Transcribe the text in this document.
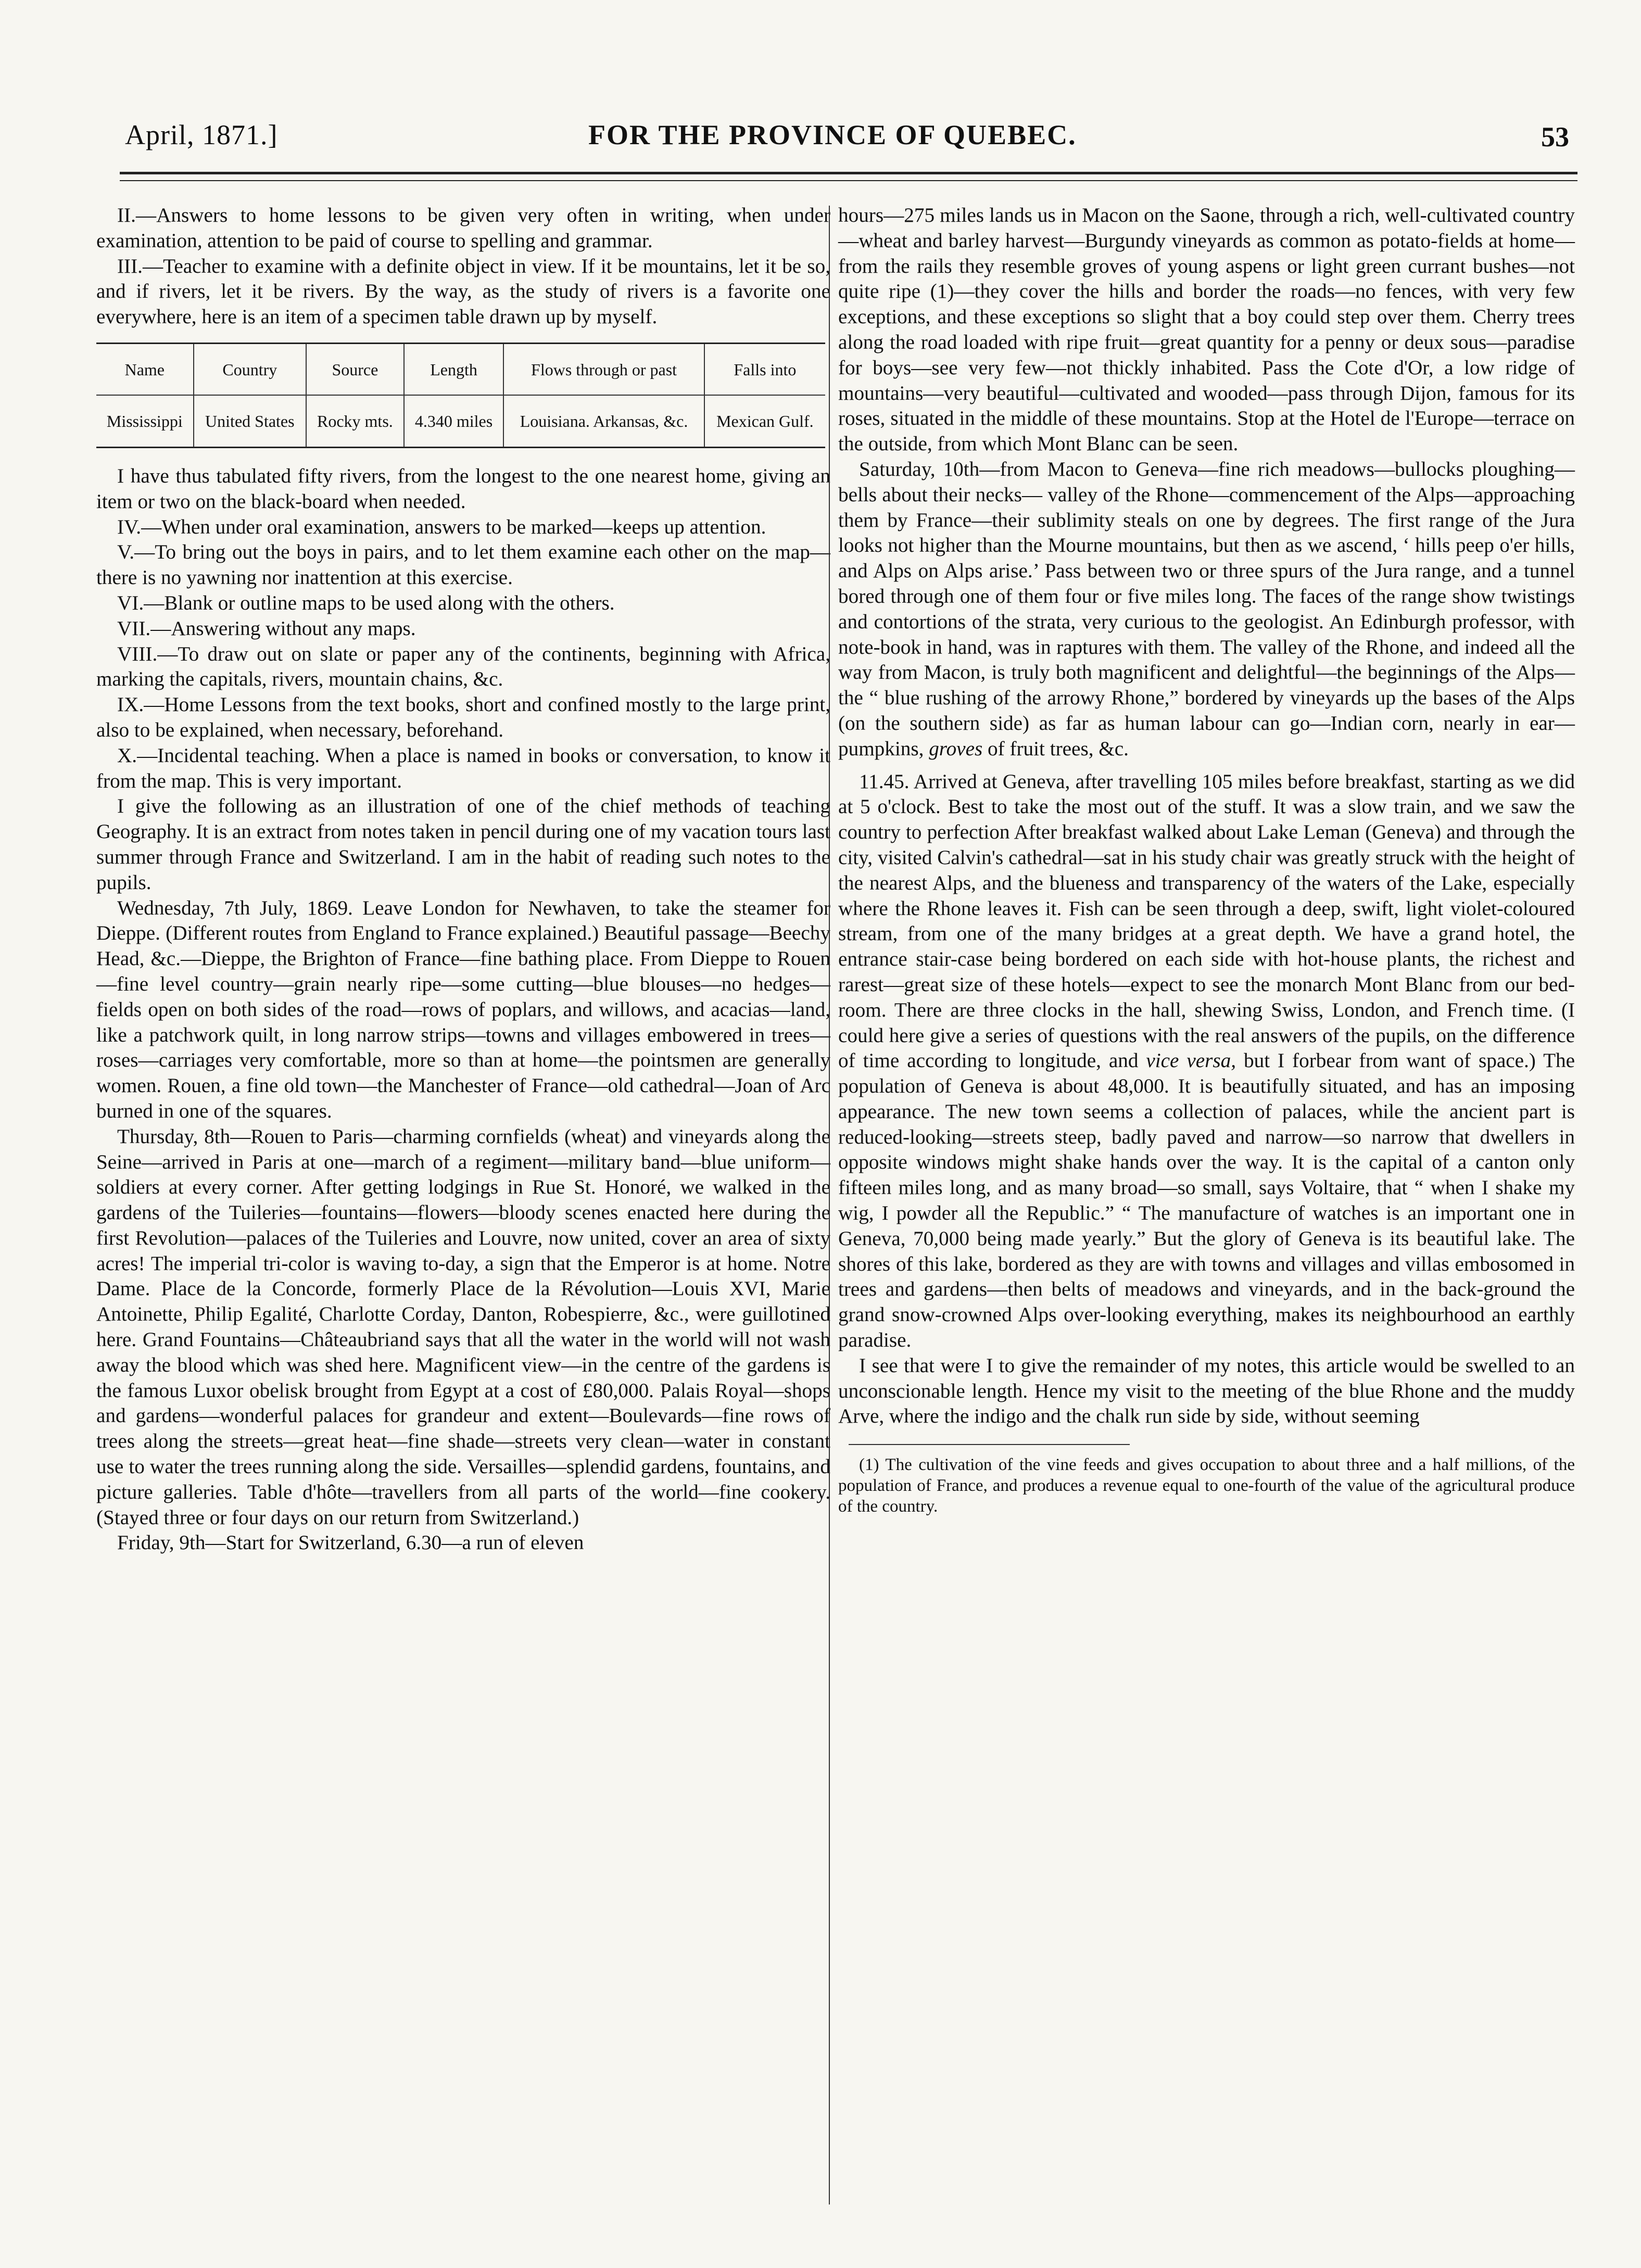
April, 1871.]	FOR THE PROVINCE OF QUEBEC.	53

II.—Answers to home lessons to be given very often in writing, when under examination, attention to be paid of course to spelling and grammar.

III.—Teacher to examine with a definite object in view. If it be mountains, let it be so, and if rivers, let it be rivers. By the way, as the study of rivers is a favorite one everywhere, here is an item of a specimen table drawn up by myself.

Name	Country	Source	Length	Flows through or past	Falls into
Mississippi	United States	Rocky mts.	4.340 miles	Louisiana. Arkansas, &c.	Mexican Gulf.

I have thus tabulated fifty rivers, from the longest to the one nearest home, giving an item or two on the black-board when needed.

IV.—When under oral examination, answers to be marked—keeps up attention.

V.—To bring out the boys in pairs, and to let them examine each other on the map—there is no yawning nor inattention at this exercise.

VI.—Blank or outline maps to be used along with the others.

VII.—Answering without any maps.

VIII.—To draw out on slate or paper any of the continents, beginning with Africa, marking the capitals, rivers, mountain chains, &c.

IX.—Home Lessons from the text books, short and confined mostly to the large print, also to be explained, when necessary, beforehand.

X.—Incidental teaching. When a place is named in books or conversation, to know it from the map. This is very important.

I give the following as an illustration of one of the chief methods of teaching Geography. It is an extract from notes taken in pencil during one of my vacation tours last summer through France and Switzerland. I am in the habit of reading such notes to the pupils.

Wednesday, 7th July, 1869. Leave London for Newhaven, to take the steamer for Dieppe. (Different routes from England to France explained.) Beautiful passage—Beechy Head, &c.—Dieppe, the Brighton of France—fine bathing place. From Dieppe to Rouen—fine level country—grain nearly ripe—some cutting—blue blouses—no hedges—fields open on both sides of the road—rows of poplars, and willows, and acacias—land, like a patchwork quilt, in long narrow strips—towns and villages embowered in trees—roses—carriages very comfortable, more so than at home—the pointsmen are generally women. Rouen, a fine old town—the Manchester of France—old cathedral—Joan of Arc burned in one of the squares.

Thursday, 8th—Rouen to Paris—charming cornfields (wheat) and vineyards along the Seine—arrived in Paris at one—march of a regiment—military band—blue uniform—soldiers at every corner. After getting lodgings in Rue St. Honoré, we walked in the gardens of the Tuileries—fountains—flowers—bloody scenes enacted here during the first Revolution—palaces of the Tuileries and Louvre, now united, cover an area of sixty acres! The imperial tri-color is waving to-day, a sign that the Emperor is at home. Notre Dame. Place de la Concorde, formerly Place de la Révolution—Louis XVI, Marie Antoinette, Philip Egalité, Charlotte Corday, Danton, Robespierre, &c., were guillotined here. Grand Fountains—Châteaubriand says that all the water in the world will not wash away the blood which was shed here. Magnificent view—in the centre of the gardens is the famous Luxor obelisk brought from Egypt at a cost of £80,000. Palais Royal—shops and gardens—wonderful palaces for grandeur and extent—Boulevards—fine rows of trees along the streets—great heat—fine shade—streets very clean—water in constant use to water the trees running along the side. Versailles—splendid gardens, fountains, and picture galleries. Table d'hôte—travellers from all parts of the world—fine cookery. (Stayed three or four days on our return from Switzerland.)

Friday, 9th—Start for Switzerland, 6.30—a run of eleven

hours—275 miles lands us in Macon on the Saone, through a rich, well-cultivated country—wheat and barley harvest—Burgundy vineyards as common as potato-fields at home—from the rails they resemble groves of young aspens or light green currant bushes—not quite ripe (1)—they cover the hills and border the roads—no fences, with very few exceptions, and these exceptions so slight that a boy could step over them. Cherry trees along the road loaded with ripe fruit—great quantity for a penny or deux sous—paradise for boys—see very few—not thickly inhabited. Pass the Cote d'Or, a low ridge of mountains—very beautiful—cultivated and wooded—pass through Dijon, famous for its roses, situated in the middle of these mountains. Stop at the Hotel de l'Europe—terrace on the outside, from which Mont Blanc can be seen.

Saturday, 10th—from Macon to Geneva—fine rich meadows—bullocks ploughing—bells about their necks— valley of the Rhone—commencement of the Alps—approaching them by France—their sublimity steals on one by degrees. The first range of the Jura looks not higher than the Mourne mountains, but then as we ascend, ‘ hills peep o'er hills, and Alps on Alps arise.’ Pass between two or three spurs of the Jura range, and a tunnel bored through one of them four or five miles long. The faces of the range show twistings and contortions of the strata, very curious to the geologist. An Edinburgh professor, with note-book in hand, was in raptures with them. The valley of the Rhone, and indeed all the way from Macon, is truly both magnificent and delightful—the beginnings of the Alps—the “ blue rushing of the arrowy Rhone,” bordered by vineyards up the bases of the Alps (on the southern side) as far as human labour can go—Indian corn, nearly in ear—pumpkins, groves of fruit trees, &c.

11.45. Arrived at Geneva, after travelling 105 miles before breakfast, starting as we did at 5 o'clock. Best to take the most out of the stuff. It was a slow train, and we saw the country to perfection After breakfast walked about Lake Leman (Geneva) and through the city, visited Calvin's cathedral—sat in his study chair was greatly struck with the height of the nearest Alps, and the blueness and transparency of the waters of the Lake, especially where the Rhone leaves it. Fish can be seen through a deep, swift, light violet-coloured stream, from one of the many bridges at a great depth. We have a grand hotel, the entrance stair-case being bordered on each side with hot-house plants, the richest and rarest—great size of these hotels—expect to see the monarch Mont Blanc from our bed-room. There are three clocks in the hall, shewing Swiss, London, and French time. (I could here give a series of questions with the real answers of the pupils, on the difference of time according to longitude, and vice versa, but I forbear from want of space.) The population of Geneva is about 48,000. It is beautifully situated, and has an imposing appearance. The new town seems a collection of palaces, while the ancient part is reduced-looking—streets steep, badly paved and narrow—so narrow that dwellers in opposite windows might shake hands over the way. It is the capital of a canton only fifteen miles long, and as many broad—so small, says Voltaire, that “ when I shake my wig, I powder all the Republic.” “ The manufacture of watches is an important one in Geneva, 70,000 being made yearly.” But the glory of Geneva is its beautiful lake. The shores of this lake, bordered as they are with towns and villages and villas embosomed in trees and gardens—then belts of meadows and vineyards, and in the back-ground the grand snow-crowned Alps over-looking everything, makes its neighbourhood an earthly paradise.

I see that were I to give the remainder of my notes, this article would be swelled to an unconscionable length. Hence my visit to the meeting of the blue Rhone and the muddy Arve, where the indigo and the chalk run side by side, without seeming

(1) The cultivation of the vine feeds and gives occupation to about three and a half millions, of the population of France, and produces a revenue equal to one-fourth of the value of the agricultural produce of the country.
